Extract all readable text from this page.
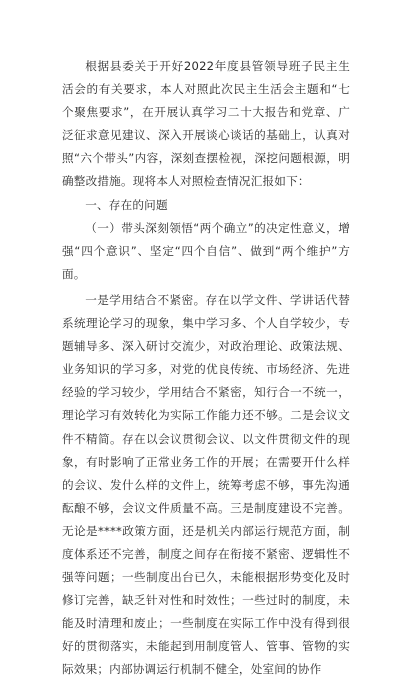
根据县委关于开好2022年度县管领导班子民主生活会的有关要求，本人对照此次民主生活会主题和“七个聚焦要求”，在开展认真学习二十大报告和党章、广泛征求意见建议、深入开展谈心谈话的基础上，认真对照“六个带头”内容，深刻查摆检视，深挖问题根源，明确整改措施。现将本人对照检查情况汇报如下：

一、存在的问题

（一）带头深刻领悟“两个确立”的决定性意义，增强“四个意识”、坚定“四个自信”、做到“两个维护”方面。

一是学用结合不紧密。存在以学文件、学讲话代替系统理论学习的现象，集中学习多、个人自学较少，专题辅导多、深入研讨交流少，对政治理论、政策法规、业务知识的学习多，对党的优良传统、市场经济、先进经验的学习较少，学用结合不紧密，知行合一不统一，理论学习有效转化为实际工作能力还不够。二是会议文件不精简。存在以会议贯彻会议、以文件贯彻文件的现象，有时影响了正常业务工作的开展；在需要开什么样的会议、发什么样的文件上，统筹考虑不够，事先沟通酝酿不够，会议文件质量不高。三是制度建设不完善。无论是****政策方面，还是机关内部运行规范方面，制度体系还不完善，制度之间存在衔接不紧密、逻辑性不强等问题；一些制度出台已久，未能根据形势变化及时修订完善，缺乏针对性和时效性；一些过时的制度，未能及时清理和废止；一些制度在实际工作中没有得到很好的贯彻落实，未能起到用制度管人、管事、管物的实际效果；内部协调运行机制不健全，处室间的协作
